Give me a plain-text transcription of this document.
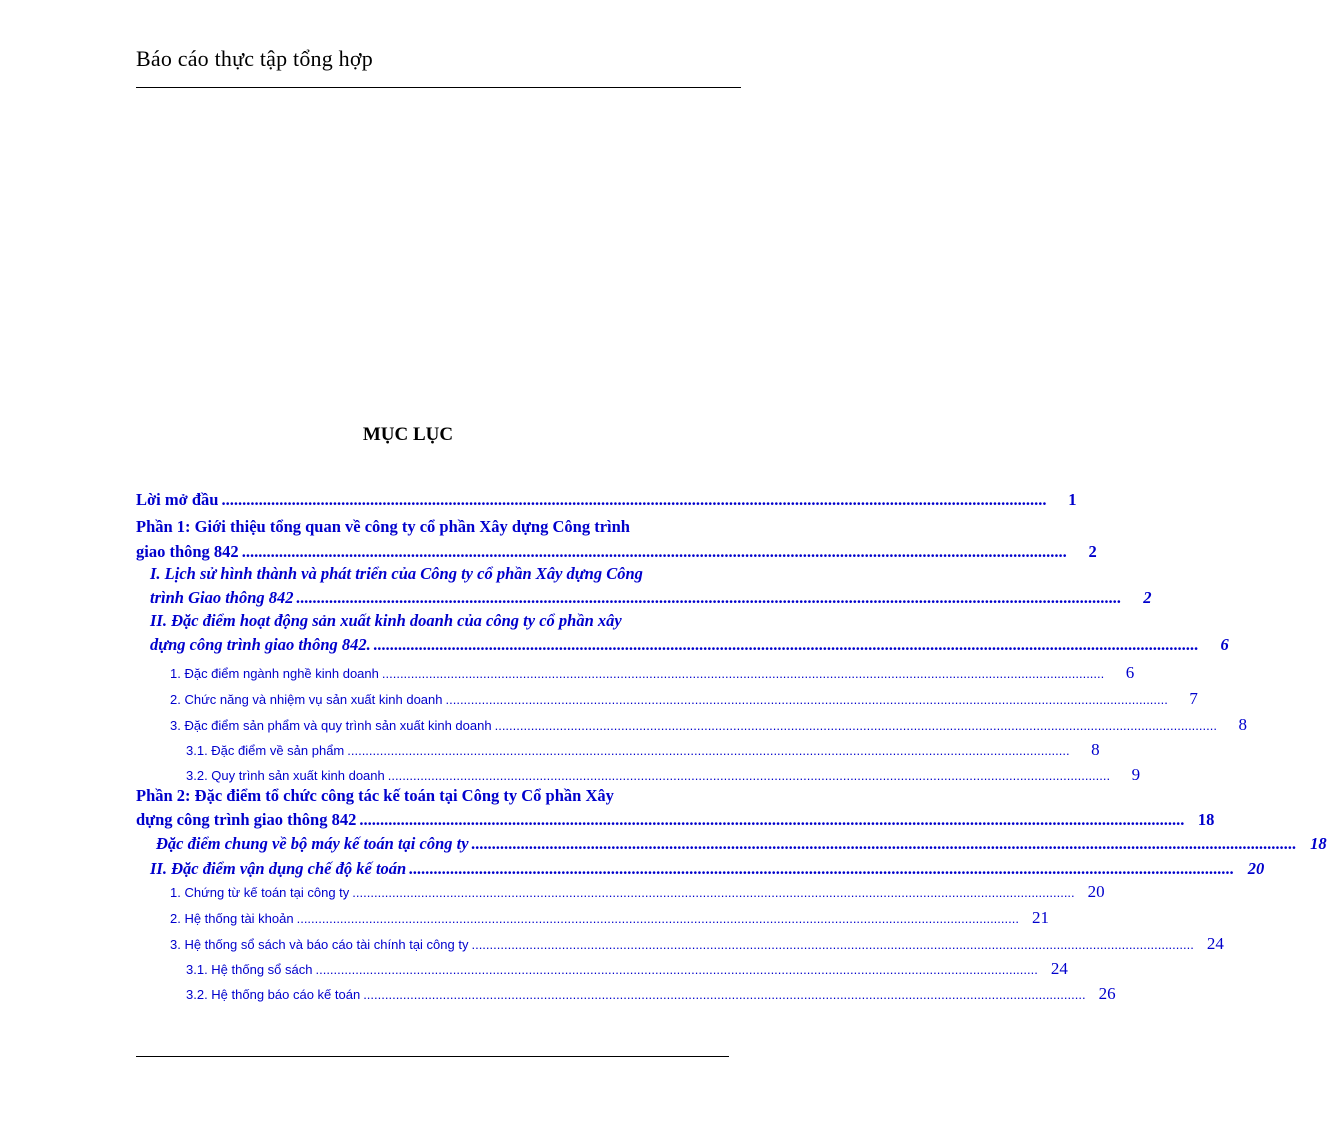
Báo cáo thực tập tổng hợp
MỤC LỤC
Lời mở đầu ........................................................................................................................................................................................................	1
Phần 1: Giới thiệu tổng quan về công ty cổ phần Xây dựng Công trình
giao thông 842 ........................................................................................................................................................................................................	2
I. Lịch sử hình thành và phát triển của Công ty cổ phần Xây dựng Công
trình Giao thông 842 ........................................................................................................................................................................................................	2
II. Đặc điểm hoạt động sản xuất kinh doanh của công ty cổ phần xây
dựng công trình giao thông 842. ........................................................................................................................................................................................................	6
1. Đặc điểm ngành nghề kinh doanh ........................................................................................................................................................................................................	6
2. Chức năng và nhiệm vụ sản xuất kinh doanh ........................................................................................................................................................................................................	7
3. Đặc điểm sản phẩm và quy trình sản xuất kinh doanh ........................................................................................................................................................................................................	8
3.1. Đặc điểm về sản phẩm ........................................................................................................................................................................................................	8
3.2. Quy trình sản xuất kinh doanh ........................................................................................................................................................................................................	9
Phần 2: Đặc điểm tổ chức công tác kế toán tại Công ty Cổ phần Xây
dựng công trình giao thông 842 ........................................................................................................................................................................................................ 18
Đặc điểm chung về bộ máy kế toán tại công ty ........................................................................................................................................................................................................ 18
II. Đặc điểm vận dụng chế độ kế toán ........................................................................................................................................................................................................ 20
1. Chứng từ kế toán tại công ty ........................................................................................................................................................................................................ 20
2. Hệ thống tài khoản ........................................................................................................................................................................................................ 21
3. Hệ thống sổ sách và báo cáo tài chính tại công ty ........................................................................................................................................................................................................ 24
3.1. Hệ thống sổ sách ........................................................................................................................................................................................................ 24
3.2. Hệ thống báo cáo kế toán ........................................................................................................................................................................................................ 26
